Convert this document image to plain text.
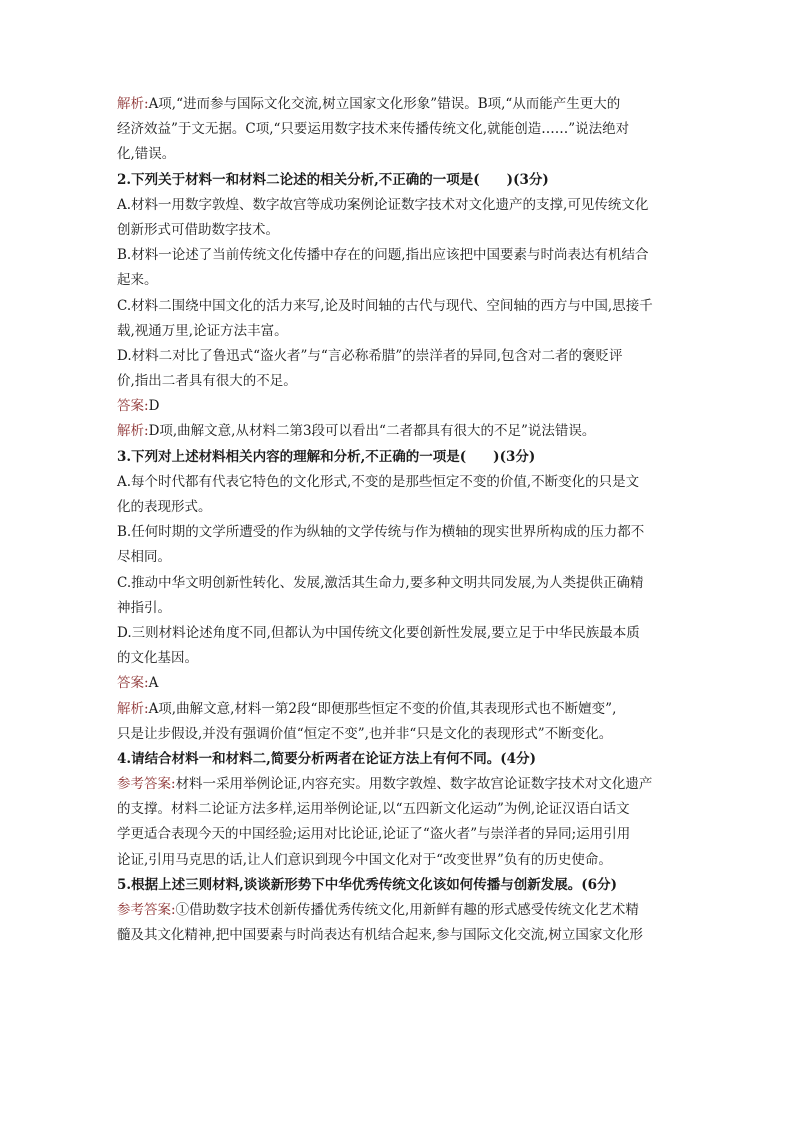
解析:A项,“进而参与国际文化交流,树立国家文化形象”错误。B项,“从而能产生更大的
经济效益”于文无据。C项,“只要运用数字技术来传播传统文化,就能创造……”说法绝对
化,错误。
2.下列关于材料一和材料二论述的相关分析,不正确的一项是(　　)(3分)
A.材料一用数字敦煌、数字故宫等成功案例论证数字技术对文化遗产的支撑,可见传统文化
创新形式可借助数字技术。
B.材料一论述了当前传统文化传播中存在的问题,指出应该把中国要素与时尚表达有机结合
起来。
C.材料二围绕中国文化的活力来写,论及时间轴的古代与现代、空间轴的西方与中国,思接千
载,视通万里,论证方法丰富。
D.材料二对比了鲁迅式“盗火者”与“言必称希腊”的崇洋者的异同,包含对二者的褒贬评
价,指出二者具有很大的不足。
答案:D
解析:D项,曲解文意,从材料二第3段可以看出“二者都具有很大的不足”说法错误。
3.下列对上述材料相关内容的理解和分析,不正确的一项是(　　)(3分)
A.每个时代都有代表它特色的文化形式,不变的是那些恒定不变的价值,不断变化的只是文
化的表现形式。
B.任何时期的文学所遭受的作为纵轴的文学传统与作为横轴的现实世界所构成的压力都不
尽相同。
C.推动中华文明创新性转化、发展,激活其生命力,要多种文明共同发展,为人类提供正确精
神指引。
D.三则材料论述角度不同,但都认为中国传统文化要创新性发展,要立足于中华民族最本质
的文化基因。
答案:A
解析:A项,曲解文意,材料一第2段“即便那些恒定不变的价值,其表现形式也不断嬗变”,
只是让步假设,并没有强调价值“恒定不变”,也并非“只是文化的表现形式”不断变化。
4.请结合材料一和材料二,简要分析两者在论证方法上有何不同。(4分)
参考答案:材料一采用举例论证,内容充实。用数字敦煌、数字故宫论证数字技术对文化遗产
的支撑。材料二论证方法多样,运用举例论证,以“五四新文化运动”为例,论证汉语白话文
学更适合表现今天的中国经验;运用对比论证,论证了“盗火者”与崇洋者的异同;运用引用
论证,引用马克思的话,让人们意识到现今中国文化对于“改变世界”负有的历史使命。
5.根据上述三则材料,谈谈新形势下中华优秀传统文化该如何传播与创新发展。(6分)
参考答案:①借助数字技术创新传播优秀传统文化,用新鲜有趣的形式感受传统文化艺术精
髓及其文化精神,把中国要素与时尚表达有机结合起来,参与国际文化交流,树立国家文化形
